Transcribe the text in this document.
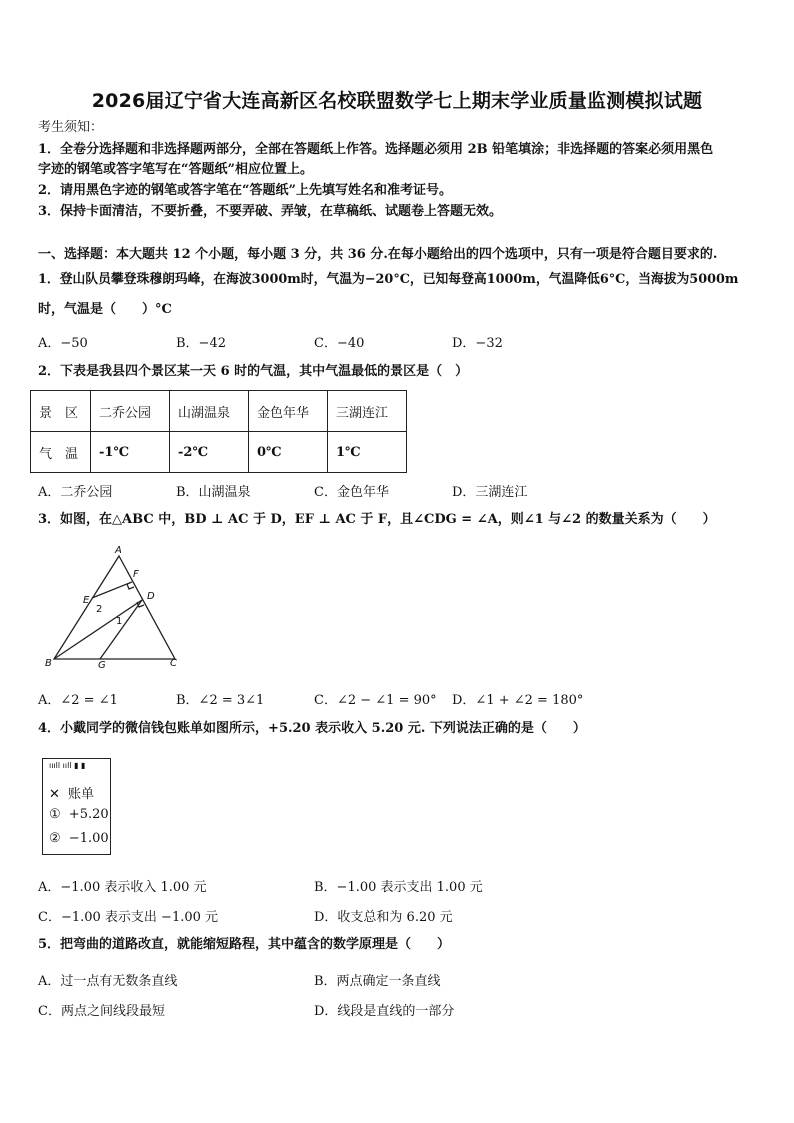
2026届辽宁省大连高新区名校联盟数学七上期末学业质量监测模拟试题
考生须知：
1．全卷分选择题和非选择题两部分，全部在答题纸上作答。选择题必须用 2B 铅笔填涂；非选择题的答案必须用黑色
字迹的钢笔或答字笔写在“答题纸”相应位置上。
2．请用黑色字迹的钢笔或答字笔在“答题纸”上先填写姓名和准考证号。
3．保持卡面清洁，不要折叠，不要弄破、弄皱，在草稿纸、试题卷上答题无效。
一、选择题：本大题共 12 个小题，每小题 3 分，共 36 分.在每小题给出的四个选项中，只有一项是符合题目要求的.
1．登山队员攀登珠穆朗玛峰，在海波3000m时，气温为−20°C，已知每登高1000m，气温降低6°C，当海拔为5000m
时，气温是（　　）°C
A．−50	B．−42	C．−40	D．−32
2．下表是我县四个景区某一天 6 时的气温，其中气温最低的景区是（　）
景　区	二乔公园	山湖温泉	金色年华	三湖连江
气　温	-1℃	-2℃	0℃	1℃
A．二乔公园	B．山湖温泉	C．金色年华	D．三湖连江
3．如图，在△ABC 中，BD ⊥ AC 于 D，EF ⊥ AC 于 F，且∠CDG = ∠A，则∠1 与∠2 的数量关系为（　　）
A
B	C
D
E
F
G
1
2
A．∠2 = ∠1	B．∠2 = 3∠1	C．∠2 − ∠1 = 90° D．∠1 + ∠2 = 180°
4．小戴同学的微信钱包账单如图所示，+5.20 表示收入 5.20 元. 下列说法正确的是（　　）
ıııll ııll ▮ ▮
✕ 账单
① +5.20
② −1.00
A．−1.00 表示收入 1.00 元	B．−1.00 表示支出 1.00 元
C．−1.00 表示支出 −1.00 元	D．收支总和为 6.20 元
5．把弯曲的道路改直，就能缩短路程，其中蕴含的数学原理是（　　）
A．过一点有无数条直线	B．两点确定一条直线
C．两点之间线段最短	D．线段是直线的一部分
